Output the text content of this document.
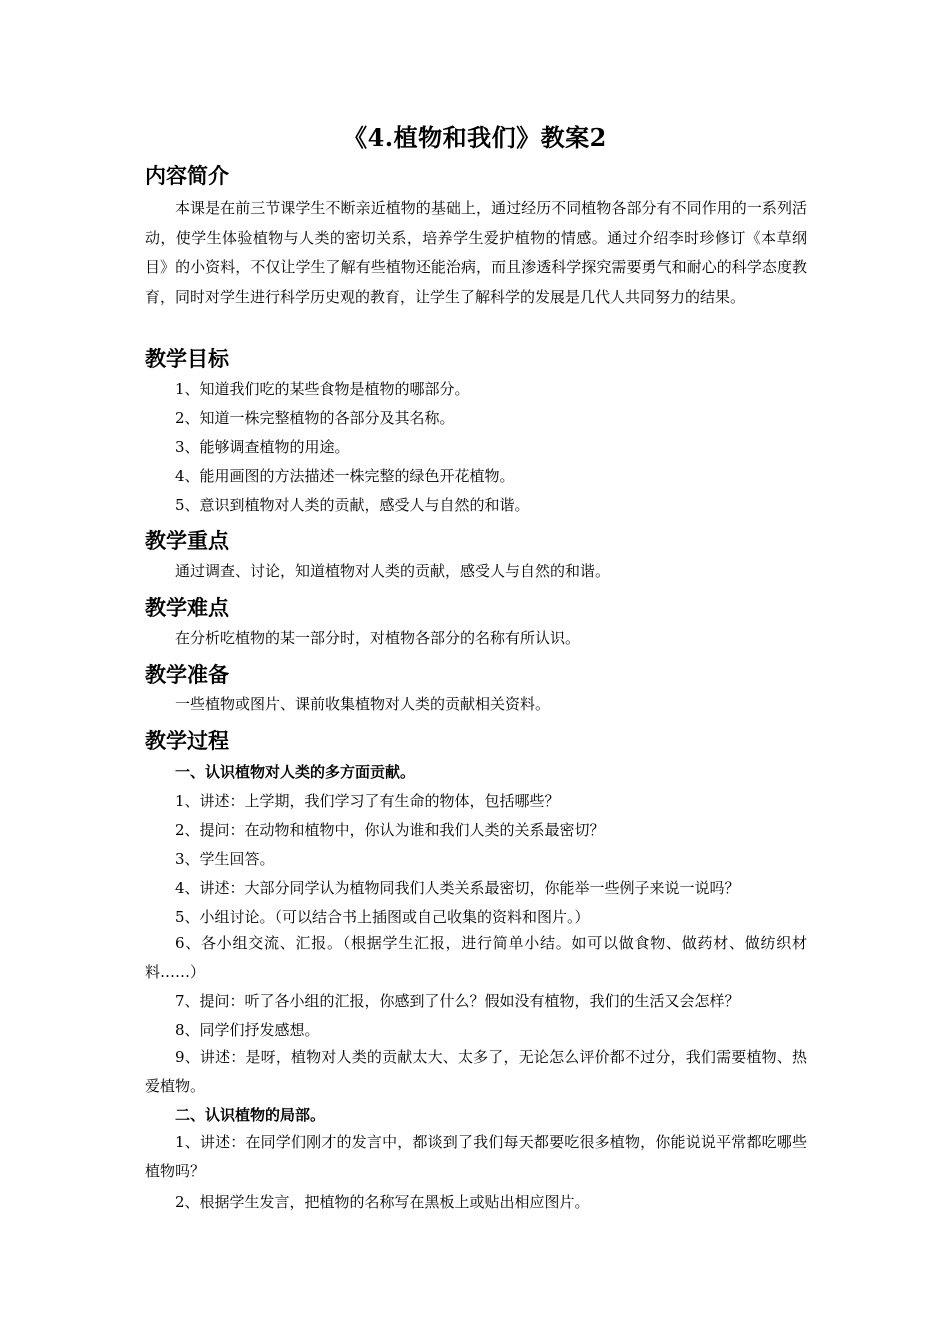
《4.植物和我们》教案2
内容简介

本课是在前三节课学生不断亲近植物的基础上，通过经历不同植物各部分有不同作用的一系列活动，使学生体验植物与人类的密切关系，培养学生爱护植物的情感。通过介绍李时珍修订《本草纲目》的小资料，不仅让学生了解有些植物还能治病，而且渗透科学探究需要勇气和耐心的科学态度教育，同时对学生进行科学历史观的教育，让学生了解科学的发展是几代人共同努力的结果。

教学目标

1、知道我们吃的某些食物是植物的哪部分。

2、知道一株完整植物的各部分及其名称。

3、能够调查植物的用途。

4、能用画图的方法描述一株完整的绿色开花植物。

5、意识到植物对人类的贡献，感受人与自然的和谐。

教学重点

通过调查、讨论，知道植物对人类的贡献，感受人与自然的和谐。

教学难点

在分析吃植物的某一部分时，对植物各部分的名称有所认识。

教学准备

一些植物或图片、课前收集植物对人类的贡献相关资料。

教学过程

一、认识植物对人类的多方面贡献。

1、讲述：上学期，我们学习了有生命的物体，包括哪些？

2、提问：在动物和植物中，你认为谁和我们人类的关系最密切？

3、学生回答。

4、讲述：大部分同学认为植物同我们人类关系最密切，你能举一些例子来说一说吗？

5、小组讨论。（可以结合书上插图或自己收集的资料和图片。）

6、各小组交流、汇报。（根据学生汇报，进行简单小结。如可以做食物、做药材、做纺织材料……）

7、提问：听了各小组的汇报，你感到了什么？假如没有植物，我们的生活又会怎样？

8、同学们抒发感想。

9、讲述：是呀，植物对人类的贡献太大、太多了，无论怎么评价都不过分，我们需要植物、热爱植物。

二、认识植物的局部。

1、讲述：在同学们刚才的发言中，都谈到了我们每天都要吃很多植物，你能说说平常都吃哪些植物吗？

2、根据学生发言，把植物的名称写在黑板上或贴出相应图片。
